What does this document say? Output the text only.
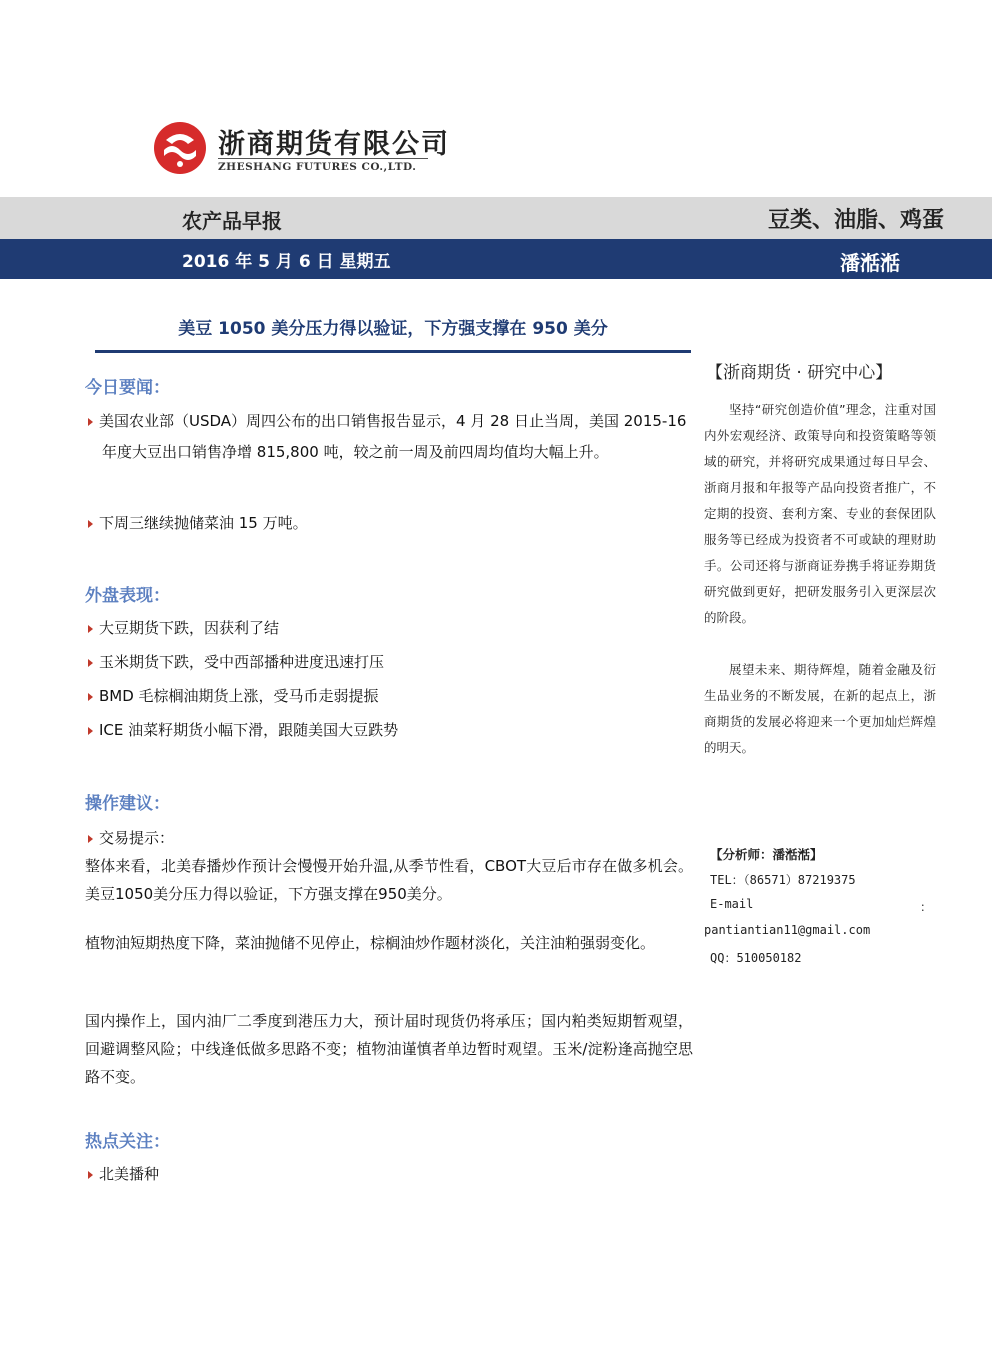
浙商期货有限公司
ZHESHANG FUTURES CO.,LTD.
农产品早报	豆类、油脂、鸡蛋
2016 年 5 月 6 日 星期五	潘湉湉
美豆 1050 美分压力得以验证，下方强支撑在 950 美分
今日要闻：
美国农业部（USDA）周四公布的出口销售报告显示，4 月 28 日止当周，美国 2015-16 年度大豆出口销售净增 815,800 吨，较之前一周及前四周均值均大幅上升。
下周三继续抛储菜油 15 万吨。
外盘表现：
大豆期货下跌，因获利了结
玉米期货下跌，受中西部播种进度迅速打压
BMD 毛棕榈油期货上涨，受马币走弱提振
ICE 油菜籽期货小幅下滑，跟随美国大豆跌势
操作建议：
交易提示：
整体来看，北美春播炒作预计会慢慢开始升温,从季节性看，CBOT大豆后市存在做多机会。美豆1050美分压力得以验证，下方强支撑在950美分。
植物油短期热度下降，菜油抛储不见停止，棕榈油炒作题材淡化，关注油粕强弱变化。
国内操作上，国内油厂二季度到港压力大，预计届时现货仍将承压；国内粕类短期暂观望，回避调整风险；中线逢低做多思路不变；植物油谨慎者单边暂时观望。玉米/淀粉逢高抛空思路不变。
热点关注：
北美播种
【浙商期货 · 研究中心】
坚持“研究创造价值”理念，注重对国内外宏观经济、政策导向和投资策略等领域的研究，并将研究成果通过每日早会、浙商月报和年报等产品向投资者推广，不定期的投资、套利方案、专业的套保团队服务等已经成为投资者不可或缺的理财助手。公司还将与浙商证券携手将证券期货研究做到更好，把研发服务引入更深层次的阶段。
展望未来、期待辉煌，随着金融及衍生品业务的不断发展，在新的起点上，浙商期货的发展必将迎来一个更加灿烂辉煌的明天。
【分析师：潘湉湉】
TEL：（86571）87219375
E-mail	：
pantiantian11@gmail.com
QQ：510050182
